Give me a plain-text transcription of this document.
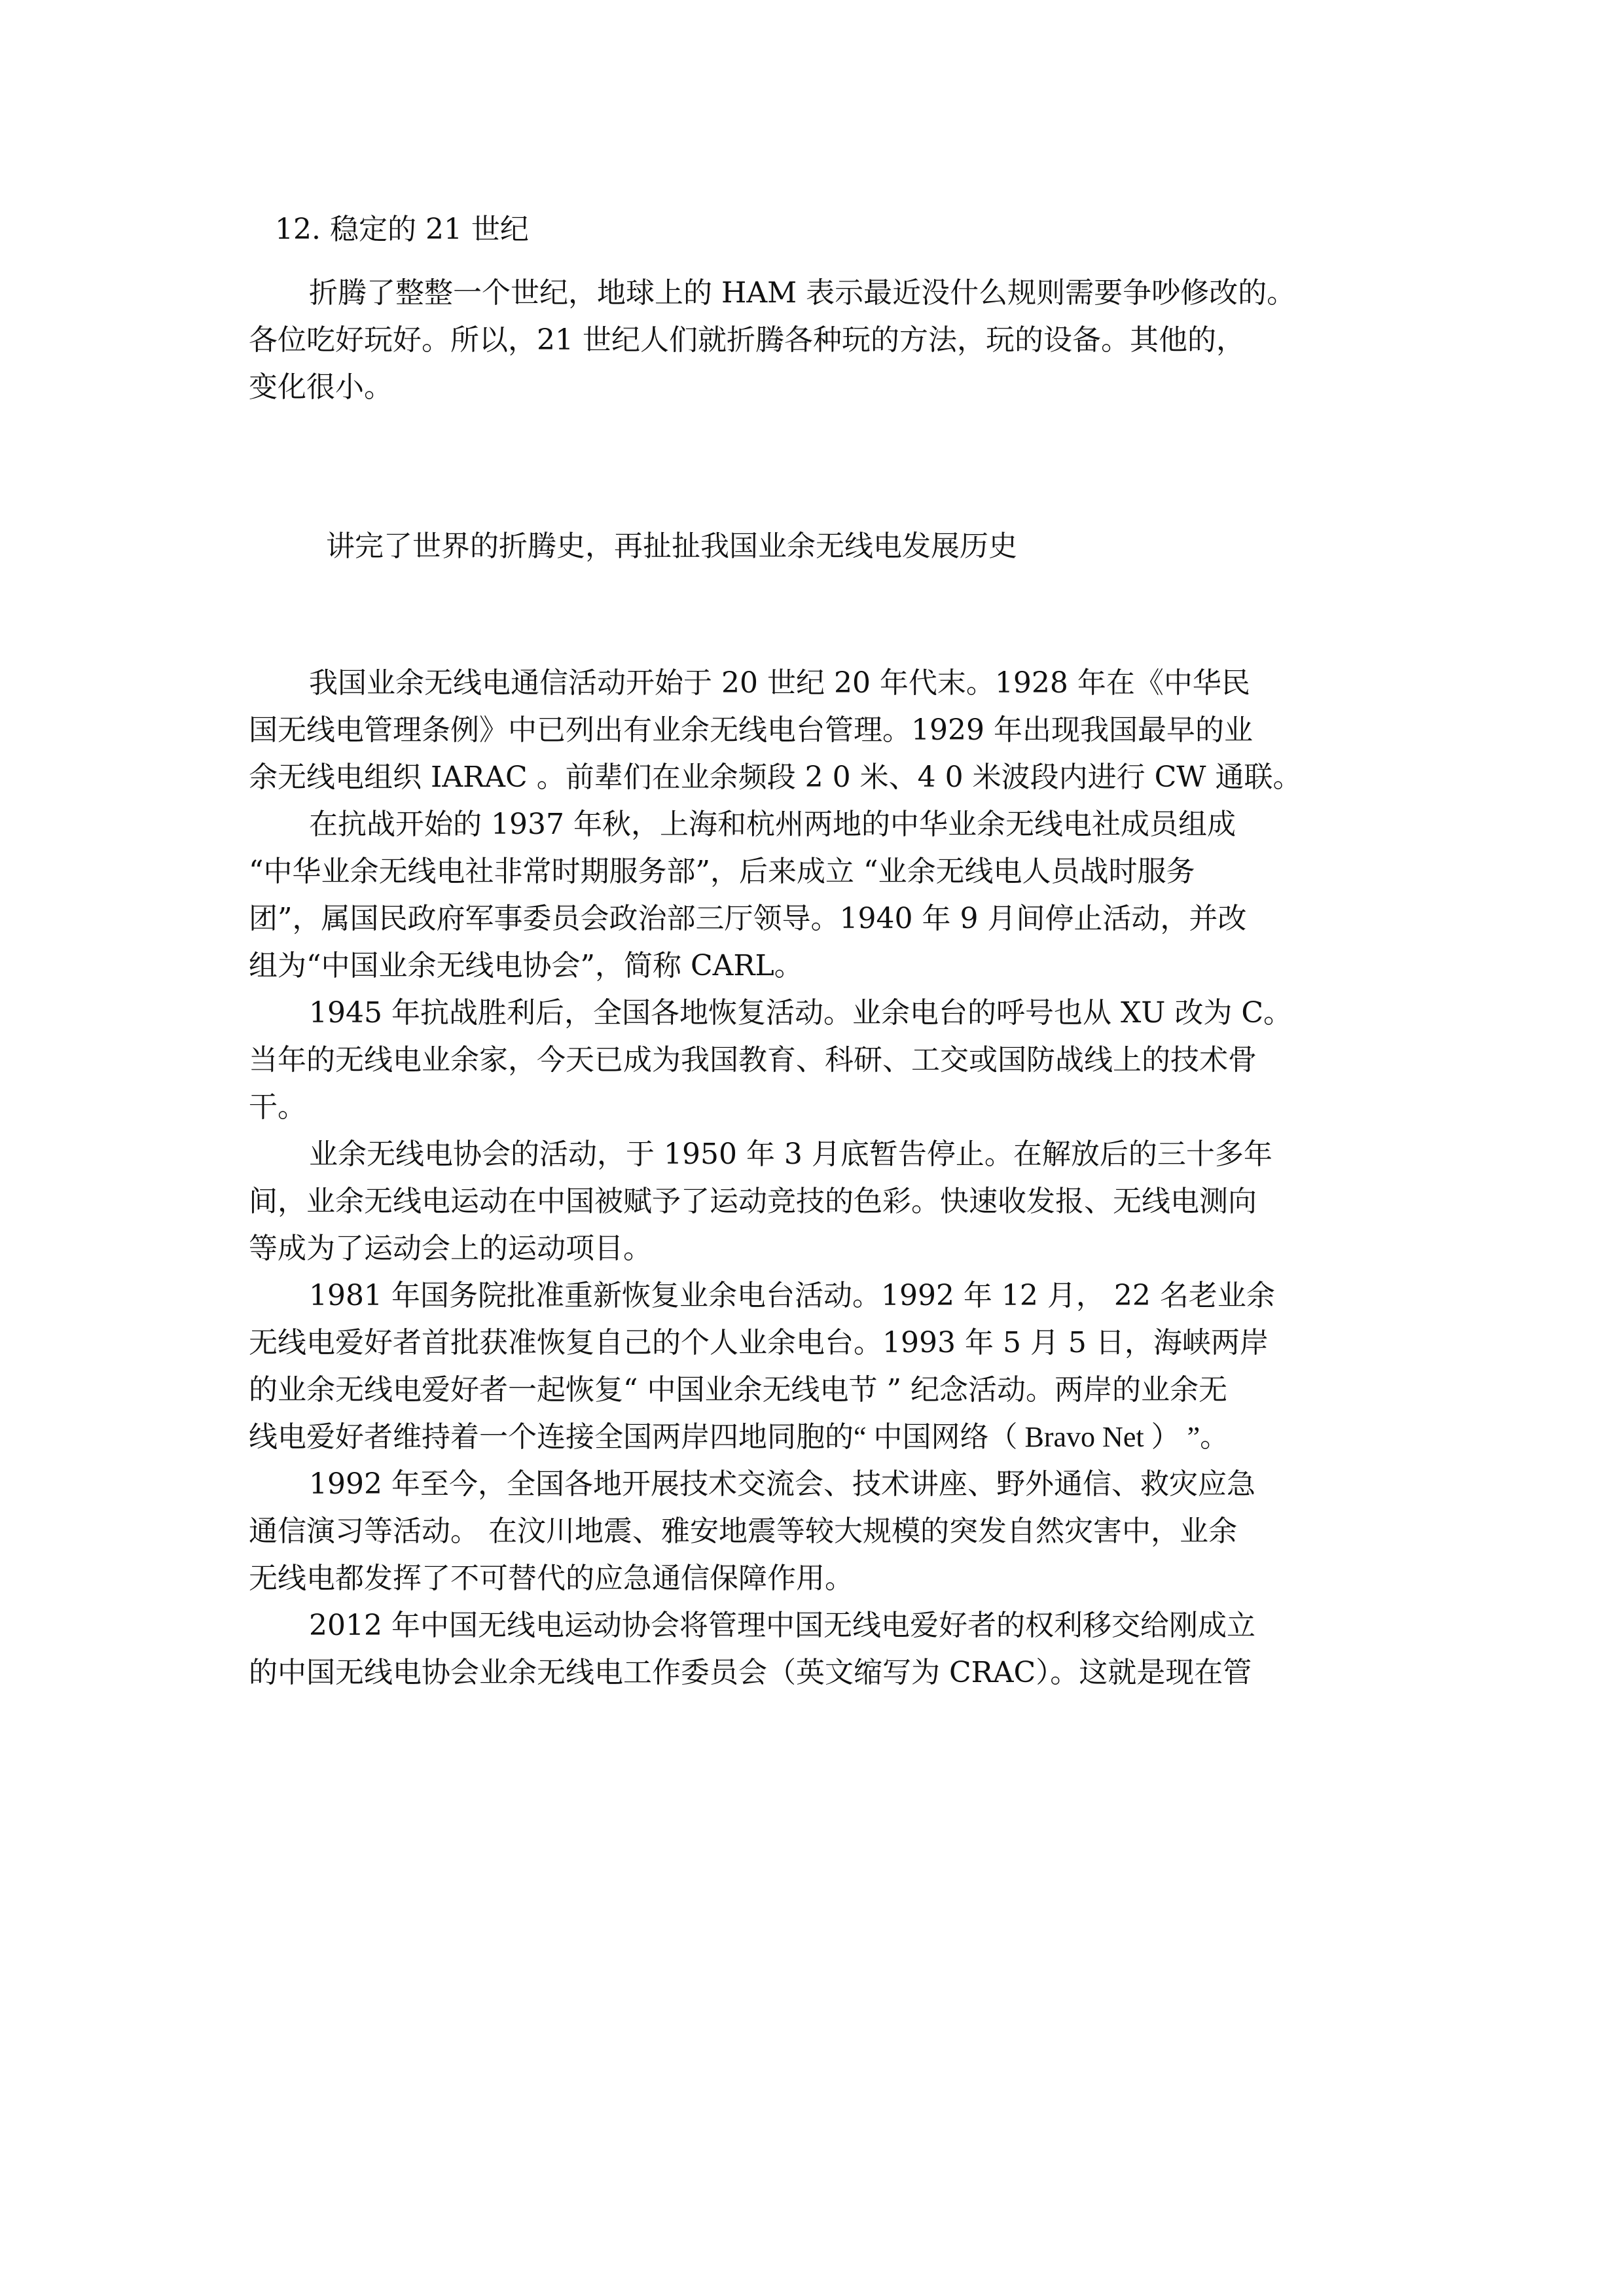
12. 稳定的 21 世纪
折腾了整整一个世纪，地球上的 HAM 表示最近没什么规则需要争吵修改的。
各位吃好玩好。所以，21 世纪人们就折腾各种玩的方法，玩的设备。其他的，
变化很小。
讲完了世界的折腾史，再扯扯我国业余无线电发展历史
我国业余无线电通信活动开始于 20 世纪 20 年代末。1928 年在《中华民
国无线电管理条例》中已列出有业余无线电台管理。1929 年出现我国最早的业
余无线电组织 IARAC 。前辈们在业余频段 2 0 米、4 0 米波段内进行 CW 通联。
在抗战开始的 1937 年秋，上海和杭州两地的中华业余无线电社成员组成
“中华业余无线电社非常时期服务部”，后来成立 “业余无线电人员战时服务
团”，属国民政府军事委员会政治部三厅领导。1940 年 9 月间停止活动，并改
组为“中国业余无线电协会”，简称 CARL。
1945 年抗战胜利后，全国各地恢复活动。业余电台的呼号也从 XU 改为 C。
当年的无线电业余家，今天已成为我国教育、科研、工交或国防战线上的技术骨
干。
业余无线电协会的活动，于 1950 年 3 月底暂告停止。在解放后的三十多年
间，业余无线电运动在中国被赋予了运动竞技的色彩。快速收发报、无线电测向
等成为了运动会上的运动项目。
1981 年国务院批准重新恢复业余电台活动。1992 年 12 月， 22 名老业余
无线电爱好者首批获准恢复自己的个人业余电台。1993 年 5 月 5 日，海峡两岸
的业余无线电爱好者一起恢复“ 中国业余无线电节 ” 纪念活动。两岸的业余无
线电爱好者维持着一个连接全国两岸四地同胞的“ 中国网络（ Bravo Net ） ”。
1992 年至今，全国各地开展技术交流会、技术讲座、野外通信、救灾应急
通信演习等活动。 在汶川地震、雅安地震等较大规模的突发自然灾害中，业余
无线电都发挥了不可替代的应急通信保障作用。
2012 年中国无线电运动协会将管理中国无线电爱好者的权利移交给刚成立
的中国无线电协会业余无线电工作委员会（英文缩写为 CRAC）。这就是现在管
